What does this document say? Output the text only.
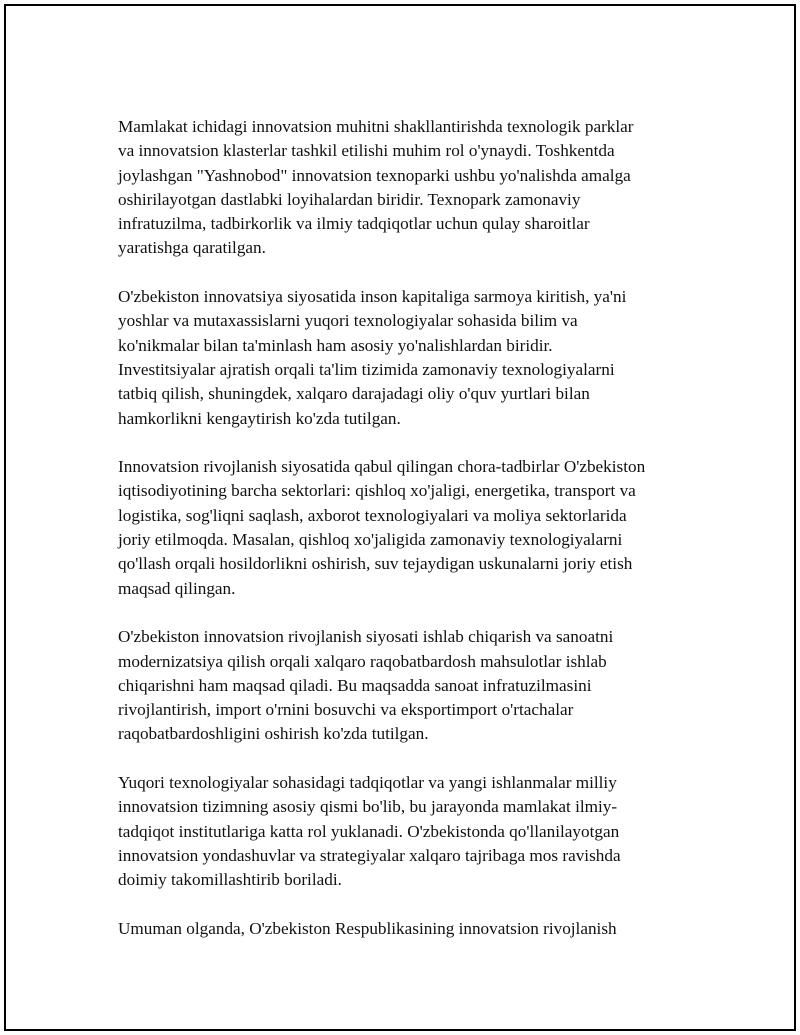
Mamlakat ichidagi innovatsion muhitni shakllantirishda texnologik parklar
va innovatsion klasterlar tashkil etilishi muhim rol o'ynaydi. Toshkentda
joylashgan "Yashnobod" innovatsion texnoparki ushbu yo'nalishda amalga
oshirilayotgan dastlabki loyihalardan biridir. Texnopark zamonaviy
infratuzilma, tadbirkorlik va ilmiy tadqiqotlar uchun qulay sharoitlar
yaratishga qaratilgan.

O'zbekiston innovatsiya siyosatida inson kapitaliga sarmoya kiritish, ya'ni
yoshlar va mutaxassislarni yuqori texnologiyalar sohasida bilim va
ko'nikmalar bilan ta'minlash ham asosiy yo'nalishlardan biridir.
Investitsiyalar ajratish orqali ta'lim tizimida zamonaviy texnologiyalarni
tatbiq qilish, shuningdek, xalqaro darajadagi oliy o'quv yurtlari bilan
hamkorlikni kengaytirish ko'zda tutilgan.

Innovatsion rivojlanish siyosatida qabul qilingan chora-tadbirlar O'zbekiston
iqtisodiyotining barcha sektorlari: qishloq xo'jaligi, energetika, transport va
logistika, sog'liqni saqlash, axborot texnologiyalari va moliya sektorlarida
joriy etilmoqda. Masalan, qishloq xo'jaligida zamonaviy texnologiyalarni
qo'llash orqali hosildorlikni oshirish, suv tejaydigan uskunalarni joriy etish
maqsad qilingan.

O'zbekiston innovatsion rivojlanish siyosati ishlab chiqarish va sanoatni
modernizatsiya qilish orqali xalqaro raqobatbardosh mahsulotlar ishlab
chiqarishni ham maqsad qiladi. Bu maqsadda sanoat infratuzilmasini
rivojlantirish, import o'rnini bosuvchi va eksportimport o'rtachalar
raqobatbardoshligini oshirish ko'zda tutilgan.

Yuqori texnologiyalar sohasidagi tadqiqotlar va yangi ishlanmalar milliy
innovatsion tizimning asosiy qismi bo'lib, bu jarayonda mamlakat ilmiy-
tadqiqot institutlariga katta rol yuklanadi. O'zbekistonda qo'llanilayotgan
innovatsion yondashuvlar va strategiyalar xalqaro tajribaga mos ravishda
doimiy takomillashtirib boriladi.

Umuman olganda, O'zbekiston Respublikasining innovatsion rivojlanish
